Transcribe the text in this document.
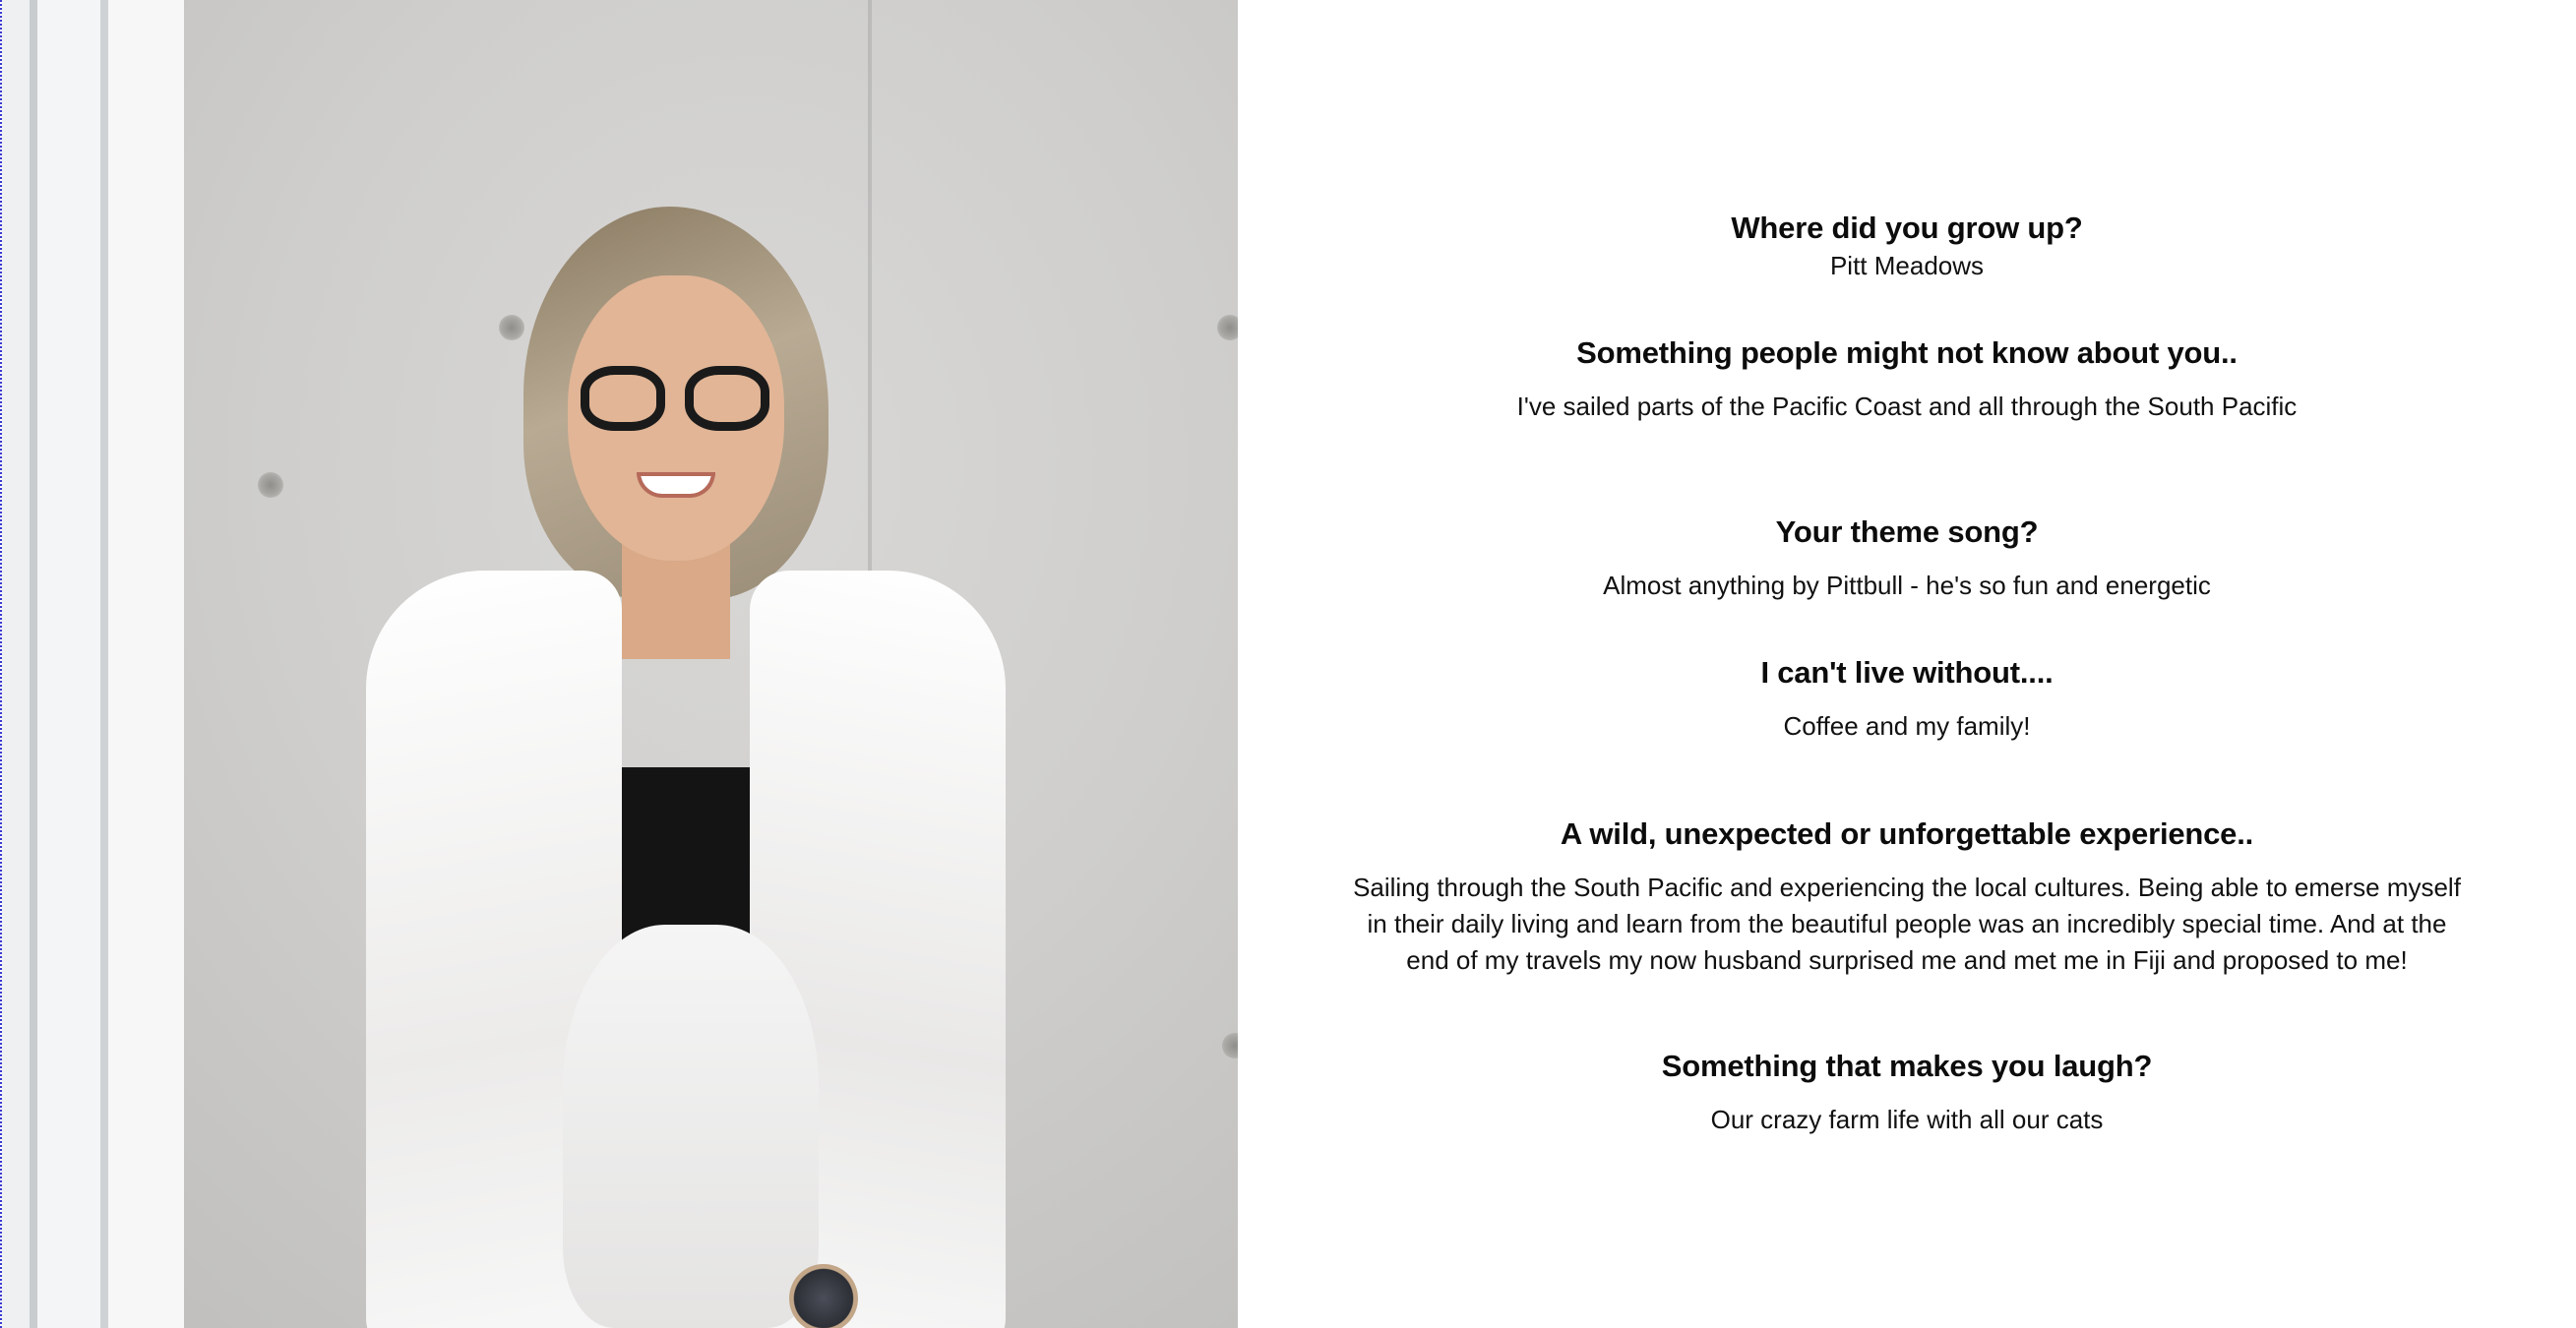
Where did you grow up?

Pitt Meadows

Something people might not know about you..

I've sailed parts of the Pacific Coast and all through the South Pacific

Your theme song?

Almost anything by Pittbull - he's so fun and energetic

I can't live without....

Coffee and my family!

A wild, unexpected or unforgettable experience..

Sailing through the South Pacific and experiencing the local cultures. Being able to emerse myself in their daily living and learn from the beautiful people was an incredibly special time. And at the end of my travels my now husband surprised me and met me in Fiji and proposed to me!

Something that makes you laugh?

Our crazy farm life with all our cats
